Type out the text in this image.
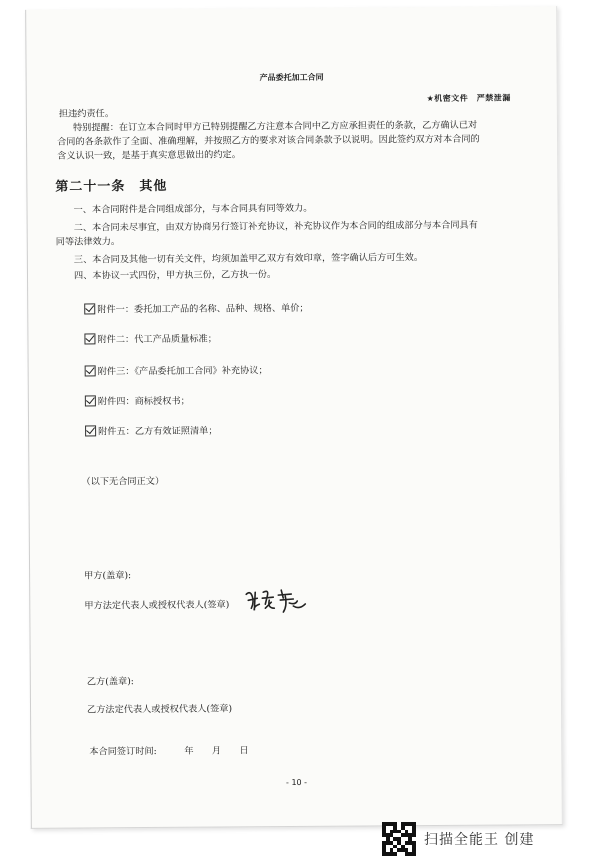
产品委托加工合同
★机密文件　严禁泄漏
担违约责任。
特别提醒：在订立本合同时甲方已特别提醒乙方注意本合同中乙方应承担责任的条款，乙方确认已对
合同的各条款作了全面、准确理解，并按照乙方的要求对该合同条款予以说明。因此签约双方对本合同的
含义认识一致，是基于真实意思做出的约定。
第二十一条　其他
一、本合同附件是合同组成部分，与本合同具有同等效力。
二、本合同未尽事宜，由双方协商另行签订补充协议，补充协议作为本合同的组成部分与本合同具有
同等法律效力。
三、本合同及其他一切有关文件，均须加盖甲乙双方有效印章，签字确认后方可生效。
四、本协议一式四份，甲方执三份，乙方执一份。
附件一：委托加工产品的名称、品种、规格、单价；
附件二：代工产品质量标准；
附件三：《产品委托加工合同》补充协议；
附件四：商标授权书；
附件五：乙方有效证照清单；
（以下无合同正文）
甲方(盖章):
甲方法定代表人或授权代表人(签章)
乙方(盖章):
乙方法定代表人或授权代表人(签章)
本合同签订时间:　　　年　　月　　日
- 10 -
扫描全能王 创建
